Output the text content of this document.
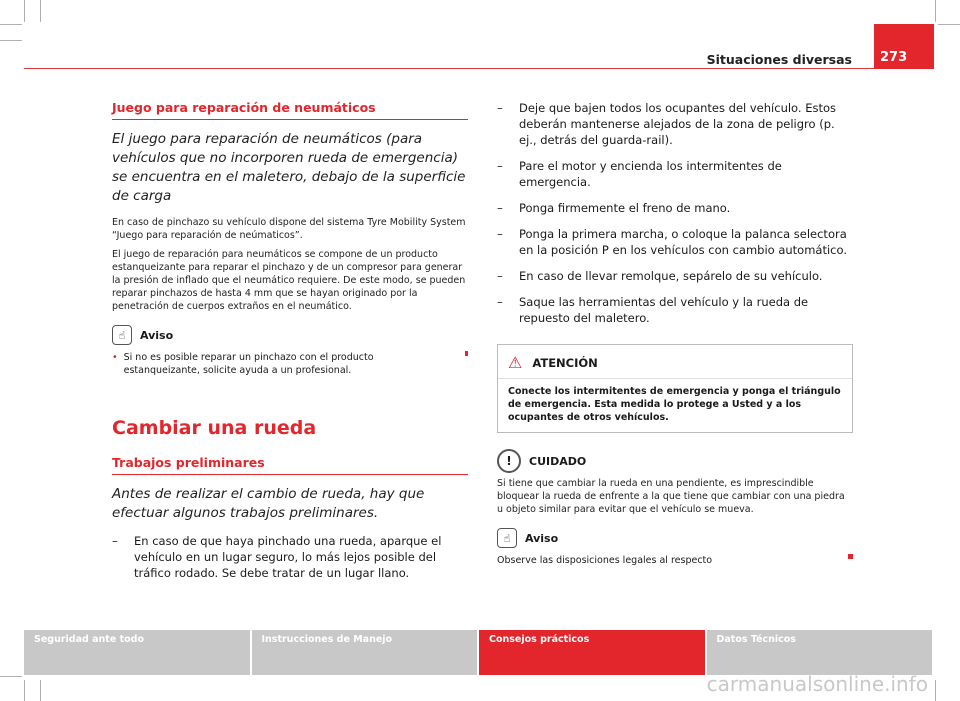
Situaciones diversas	273
Juego para reparación de neumáticos
El juego para reparación de neumáticos (para vehículos que no incorporen rueda de emergencia) se encuentra en el maletero, debajo de la superficie de carga

En caso de pinchazo su vehículo dispone del sistema Tyre Mobility System “Juego para reparación de neúmaticos”.

El juego de reparación para neumáticos se compone de un producto estanqueizante para reparar el pinchazo y de un compresor para generar la presión de inflado que el neumático requiere. De este modo, se pueden reparar pinchazos de hasta 4 mm que se hayan originado por la penetración de cuerpos extraños en el neumático.

☝	Aviso
• Si no es posible reparar un pinchazo con el producto estanqueizante, solicite ayuda a un profesional.
Cambiar una rueda
Trabajos preliminares
Antes de realizar el cambio de rueda, hay que efectuar algunos trabajos preliminares.
–	En caso de que haya pinchado una rueda, aparque el vehículo en un lugar seguro, lo más lejos posible del tráfico rodado. Se debe tratar de un lugar llano.
–	Deje que bajen todos los ocupantes del vehículo. Estos deberán mantenerse alejados de la zona de peligro (p. ej., detrás del guarda-rail).
–	Pare el motor y encienda los intermitentes de emergencia.
–	Ponga firmemente el freno de mano.
–	Ponga la primera marcha, o coloque la palanca selectora en la posición P en los vehículos con cambio automático.
–	En caso de llevar remolque, sepárelo de su vehículo.
–	Saque las herramientas del vehículo y la rueda de repuesto del maletero.
⚠ ATENCIÓN
Conecte los intermitentes de emergencia y ponga el triángulo de emergencia. Esta medida lo protege a Usted y a los ocupantes de otros vehículos.
!	CUIDADO

Si tiene que cambiar la rueda en una pendiente, es imprescindible bloquear la rueda de enfrente a la que tiene que cambiar con una piedra u objeto similar para evitar que el vehículo se mueva.

☝	Aviso
Observe las disposiciones legales al respecto
Seguridad ante todo	Instrucciones de Manejo	Consejos prácticos	Datos Técnicos
carmanualsonline.info
